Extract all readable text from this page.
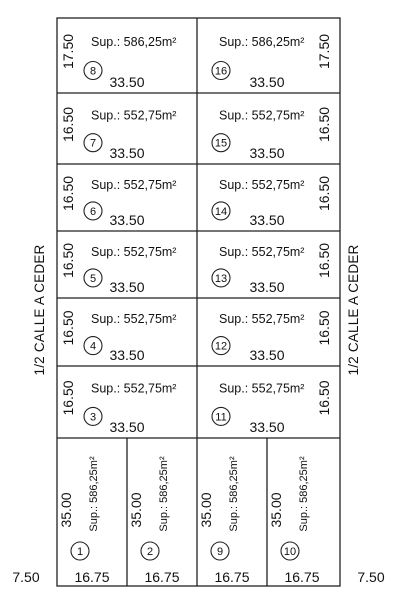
1/2 CALLE A CEDER	1/2 CALLE A CEDER
7.50	7.50
17.50 Sup.: 586,25m²
8
33.50
17.50
Sup.: 586,25m²
16
33.50
16.50 Sup.: 552,75m²
7
33.50
16.50
Sup.: 552,75m²
15
33.50
16.50 Sup.: 552,75m²
6
33.50
16.50
Sup.: 552,75m²
14
33.50
16.50 Sup.: 552,75m²
5
33.50
16.50
Sup.: 552,75m²
13
33.50
16.50 Sup.: 552,75m²
4
33.50
16.50
Sup.: 552,75m²
12
33.50
16.50 Sup.: 552,75m²
3
33.50
16.50
Sup.: 552,75m²
11
33.50
35.00 Sup.: 586,25m²
1
16.75
35.00 Sup.: 586,25m²
2
16.75
35.00 Sup.: 586,25m²
9
16.75
35.00 Sup.: 586,25m²
10
16.75
